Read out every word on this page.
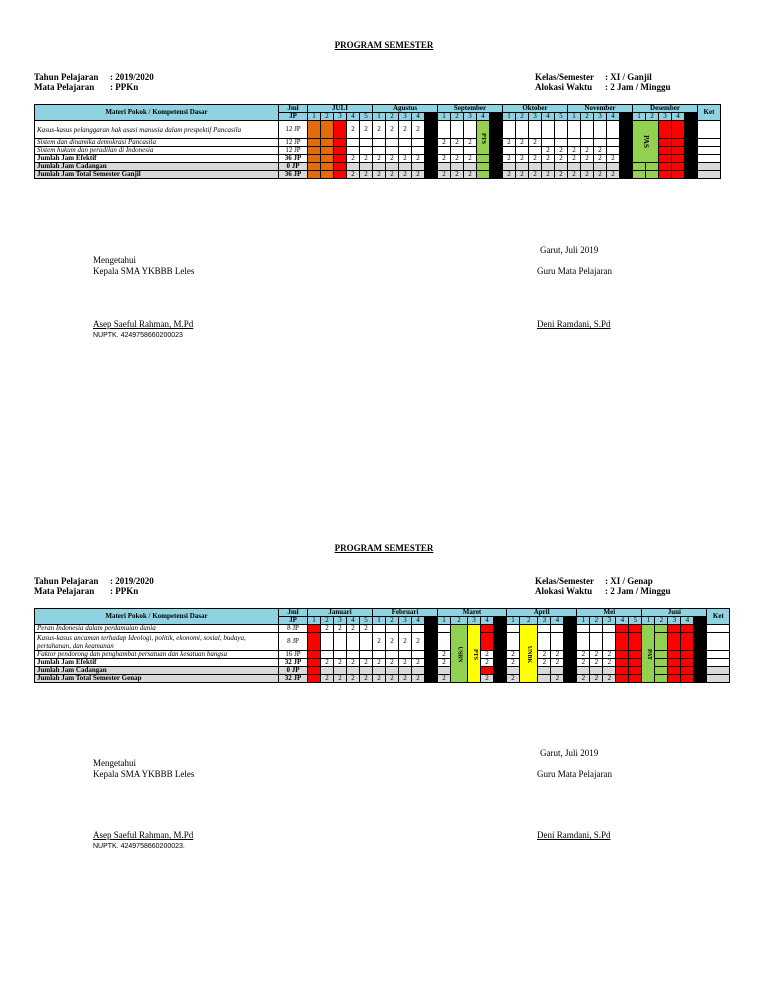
PROGRAM SEMESTER
Tahun Pelajaran : 2019/2020
Mata Pelajaran : PPKn
Kelas/Semester : XI / Ganjil
Alokasi Waktu : 2 Jam / Minggu
Materi Pokok / Kompetensi Dasar	Jml	JULI					Agustus					September					Oktober					November					Desember					Ket
	JP	1	2	3	4	5	1	2	3	4		1	2	3	4		1	2	3	4	5	1	2	3	4		1	2	3	4		
Kasus-kasus pelanggaran hak asasi manusia dalam prespektif Pancasila	12 JP				2	2	2	2	2	2					PTS												PAS					
Sistem dan dinamika demokrasi Pancasila	12 JP											2	2	2			2	2	2													
Sistem hukum dan peradilan di Indonesia	12 JP																			2	2	2	2	2								
Jumlah Jam Efektif	36 JP				2	2	2	2	2	2		2	2	2			2	2	2	2	2	2	2	2	2							
Jumlah Jam Cadangan	0 JP																															
Jumlah Jam Total Semester Ganjil	36 JP				2	2	2	2	2	2		2	2	2			2	2	2	2	2	2	2	2	2							
Garut, Juli 2019
Mengetahui
Kepala SMA YKBBB Leles	Guru Mata Pelajaran
Asep Saeful Rahman, M.Pd
NUPTK. 4249758660200023
Deni Ramdani, S.Pd
PROGRAM SEMESTER
Tahun Pelajaran : 2019/2020
Mata Pelajaran : PPKn
Kelas/Semester : XI / Genap
Alokasi Waktu : 2 Jam / Minggu
Materi Pokok / Kompetensi Dasar	Jml	Januari					Februari					Maret					April					Mei					Juni					Ket
	JP	1	2	3	4	5	1	2	3	4		1	2	3	4		1	2	3	4		1	2	3	4	5	1	2	3	4		
Peran Indonesia dalam perdamaian dunia	8 JP		2	2	2	2							USBN	PTS				UNBK									PAT					
Kasus-kasus ancaman terhadap Ideologi, politik, ekonomi, sosial, budaya, pertahanan, dan keamanan	8 JP						2	2	2	2																						
Faktor pendorong dan penghambat persatuan dan kesatuan bangsa	16 JP											2			2		2		2	2		2	2	2								
Jumlah Jam Efektif	32 JP		2	2	2	2	2	2	2	2		2			2		2		2	2		2	2	2								
Jumlah Jam Cadangan	0 JP																															
Jumlah Jam Total Semester Genap	32 JP		2	2	2	2	2	2	2	2		2			2		2			2		2	2	2								
Garut, Juli 2019
Mengetahui
Kepala SMA YKBBB Leles	Guru Mata Pelajaran
Asep Saeful Rahman, M.Pd
NUPTK. 4249758660200023.
Deni Ramdani, S.Pd
